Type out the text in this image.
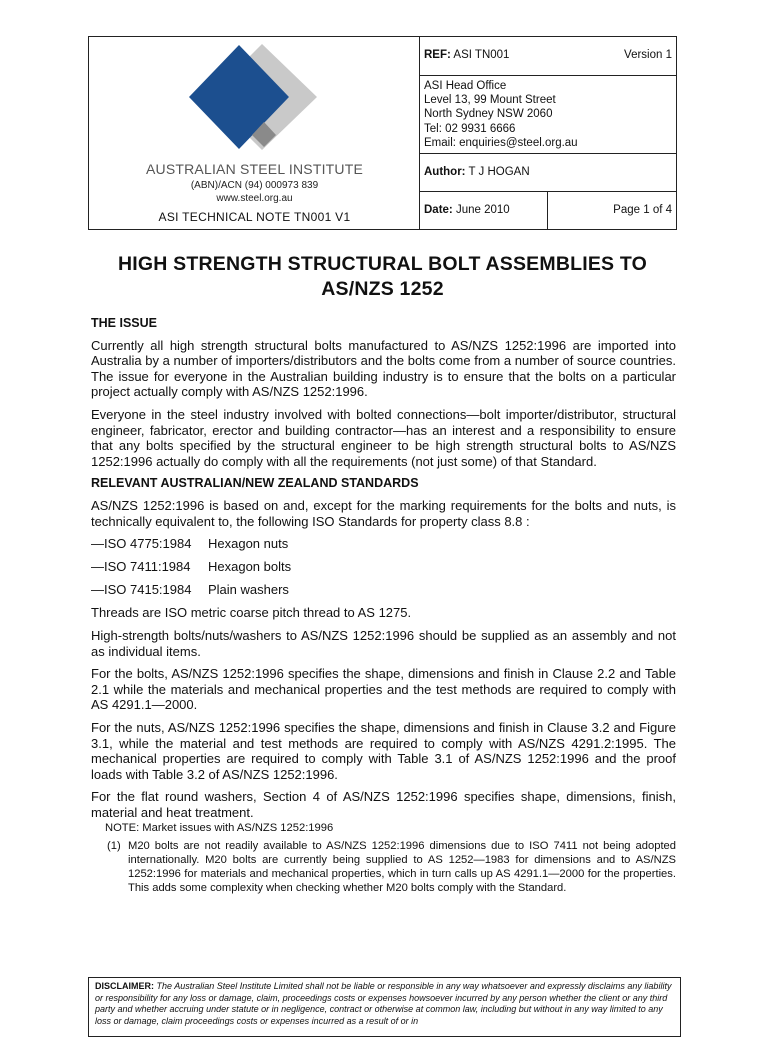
AUSTRALIAN STEEL INSTITUTE
(ABN)/ACN (94) 000973 839
www.steel.org.au
ASI TECHNICAL NOTE TN001 V1
REF: ASI TN001	Version 1
ASI Head Office
Level 13, 99 Mount Street
North Sydney NSW 2060
Tel: 02 9931 6666
Email: enquiries@steel.org.au
Author: T J HOGAN
Date: June 2010	Page 1 of 4
HIGH STRENGTH STRUCTURAL BOLT ASSEMBLIES TO
AS/NZS 1252
THE ISSUE

Currently all high strength structural bolts manufactured to AS/NZS 1252:1996 are imported into Australia by a number of importers/distributors and the bolts come from a number of source countries. The issue for everyone in the Australian building industry is to ensure that the bolts on a particular project actually comply with AS/NZS 1252:1996.

Everyone in the steel industry involved with bolted connections—bolt importer/distributor, structural engineer, fabricator, erector and building contractor—has an interest and a responsibility to ensure that any bolts specified by the structural engineer to be high strength structural bolts to AS/NZS 1252:1996 actually do comply with all the requirements (not just some) of that Standard.

RELEVANT AUSTRALIAN/NEW ZEALAND STANDARDS

AS/NZS 1252:1996 is based on and, except for the marking requirements for the bolts and nuts, is technically equivalent to, the following ISO Standards for property class 8.8 :

—ISO 4775:1984 Hexagon nuts
—ISO 7411:1984 Hexagon bolts
—ISO 7415:1984 Plain washers

Threads are ISO metric coarse pitch thread to AS 1275.

High-strength bolts/nuts/washers to AS/NZS 1252:1996 should be supplied as an assembly and not as individual items.

For the bolts, AS/NZS 1252:1996 specifies the shape, dimensions and finish in Clause 2.2 and Table 2.1 while the materials and mechanical properties and the test methods are required to comply with AS 4291.1—2000.

For the nuts, AS/NZS 1252:1996 specifies the shape, dimensions and finish in Clause 3.2 and Figure 3.1, while the material and test methods are required to comply with AS/NZS 4291.2:1995. The mechanical properties are required to comply with Table 3.1 of AS/NZS 1252:1996 and the proof loads with Table 3.2 of AS/NZS 1252:1996.

For the flat round washers, Section 4 of AS/NZS 1252:1996 specifies shape, dimensions, finish, material and heat treatment.

NOTE: Market issues with AS/NZS 1252:1996
(1) M20 bolts are not readily available to AS/NZS 1252:1996 dimensions due to ISO 7411 not being adopted internationally. M20 bolts are currently being supplied to AS 1252—1983 for dimensions and to AS/NZS 1252:1996 for materials and mechanical properties, which in turn calls up AS 4291.1—2000 for the properties. This adds some complexity when checking whether M20 bolts comply with the Standard.
DISCLAIMER: The Australian Steel Institute Limited shall not be liable or responsible in any way whatsoever and expressly disclaims any liability or responsibility for any loss or damage, claim, proceedings costs or expenses howsoever incurred by any person whether the client or any third party and whether accruing under statute or in negligence, contract or otherwise at common law, including but without in any way limited to any loss or damage, claim proceedings costs or expenses incurred as a result of or in
